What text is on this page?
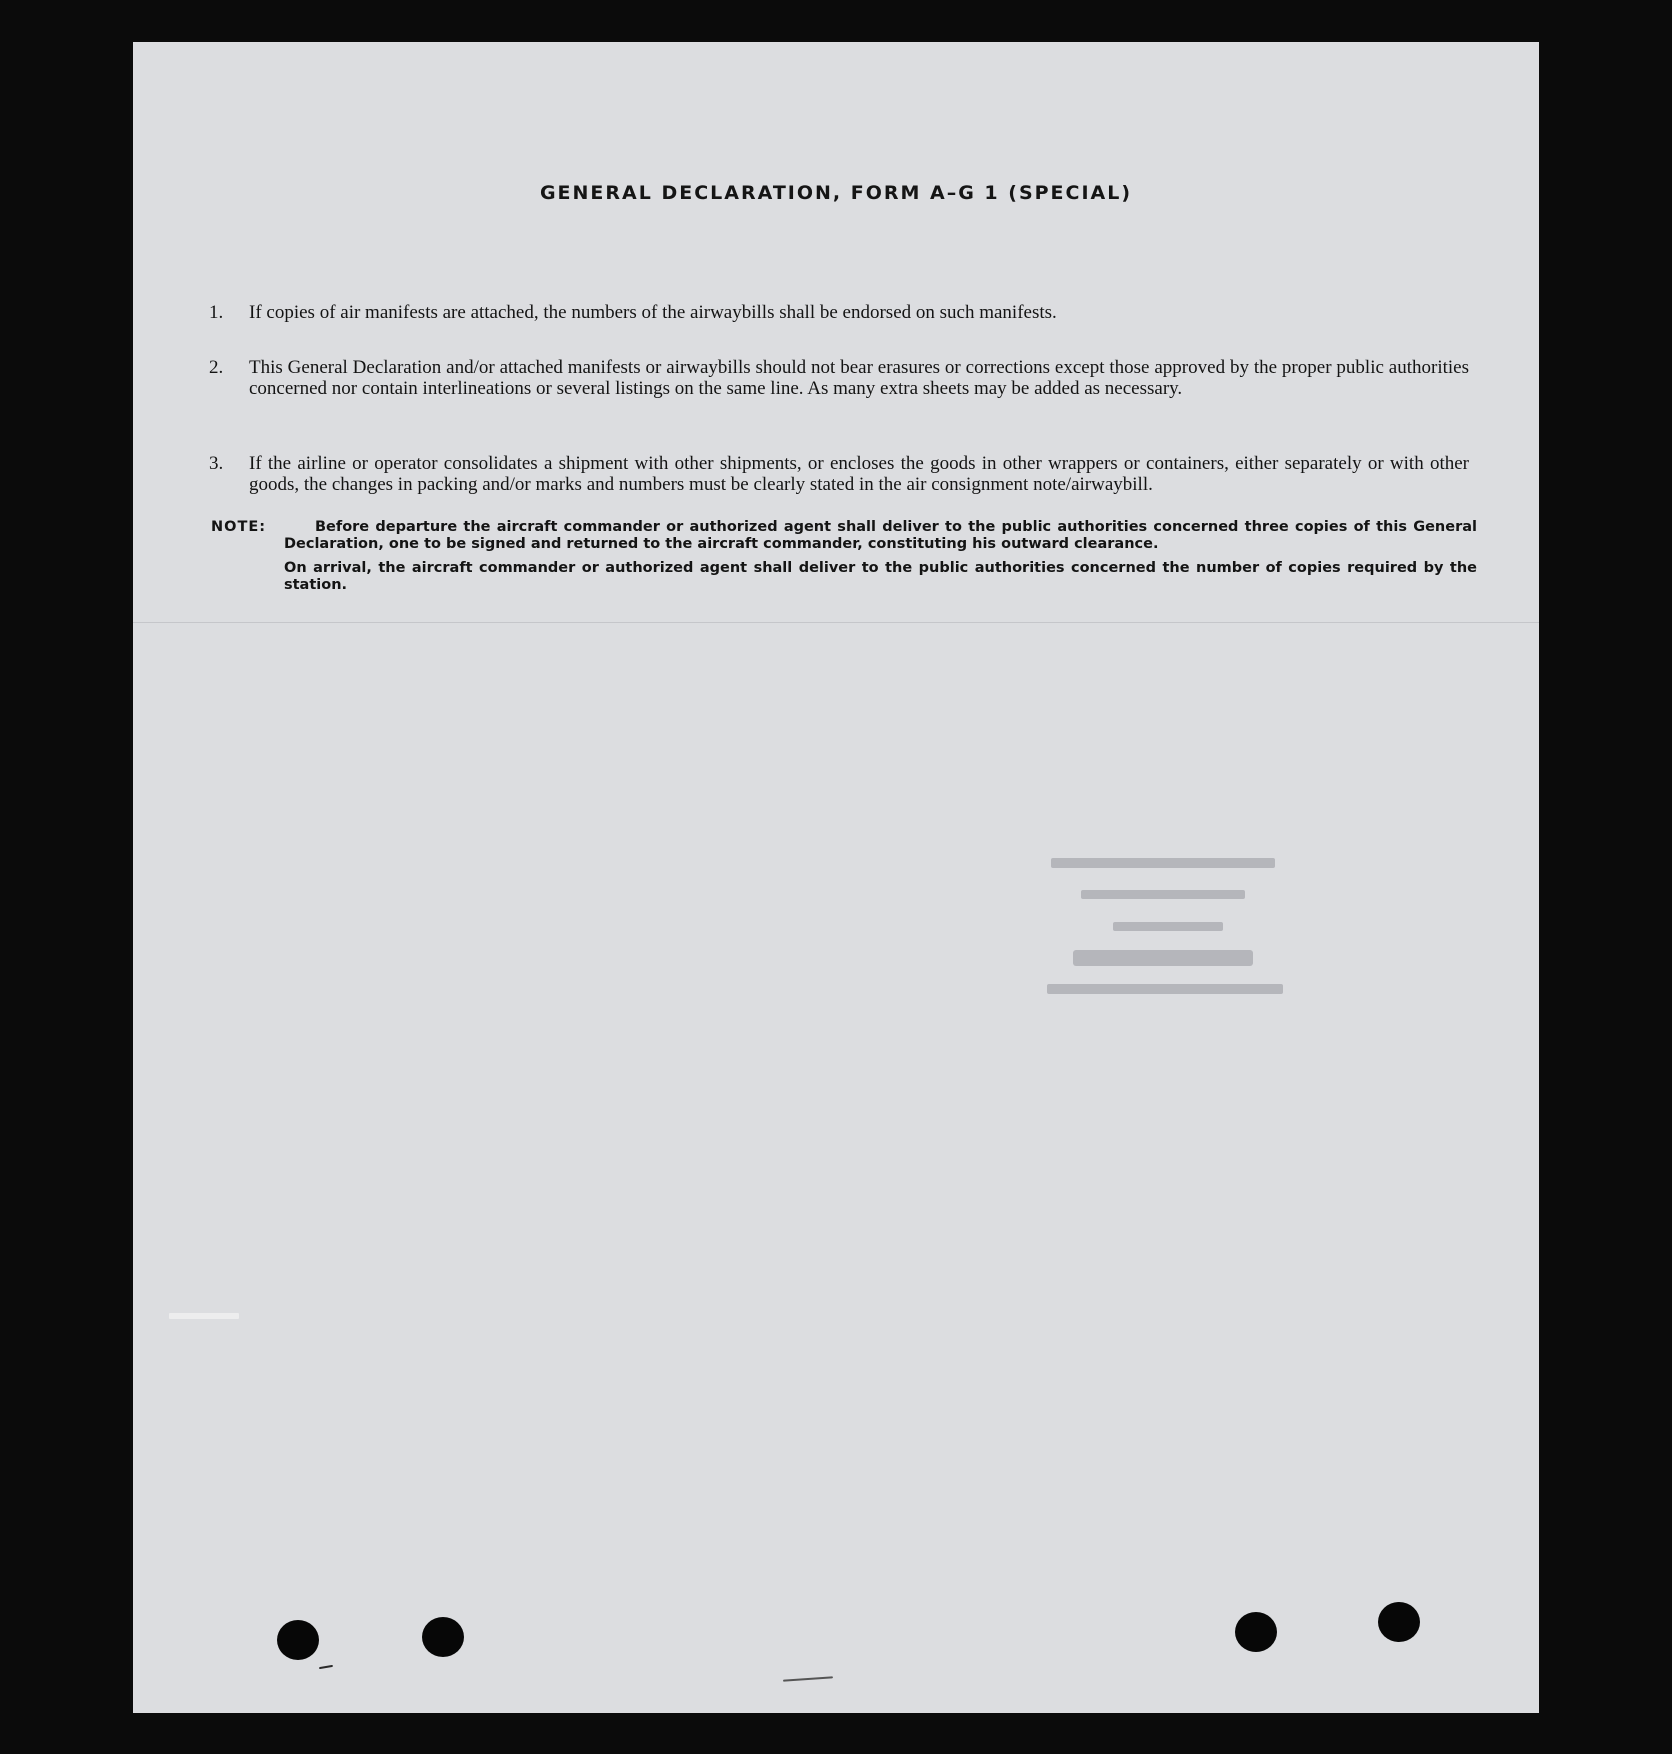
GENERAL DECLARATION, FORM A–G 1 (SPECIAL)
1.	If copies of air manifests are attached, the numbers of the airwaybills shall be endorsed on such manifests.
2.	This General Declaration and/or attached manifests or airwaybills should not bear erasures or corrections except those approved by the proper public authorities concerned nor contain interlineations or several listings on the same line. As many extra sheets may be added as necessary.
3.	If the airline or operator consolidates a shipment with other shipments, or encloses the goods in other wrappers or containers, either separately or with other goods, the changes in packing and/or marks and numbers must be clearly stated in the air consignment note/airwaybill.
NOTE:	Before departure the aircraft commander or authorized agent shall deliver to the public authorities concerned three copies of this General Declaration, one to be signed and returned to the aircraft commander, constituting his outward clearance.
On arrival, the aircraft commander or authorized agent shall deliver to the public authorities concerned the number of copies required by the station.
